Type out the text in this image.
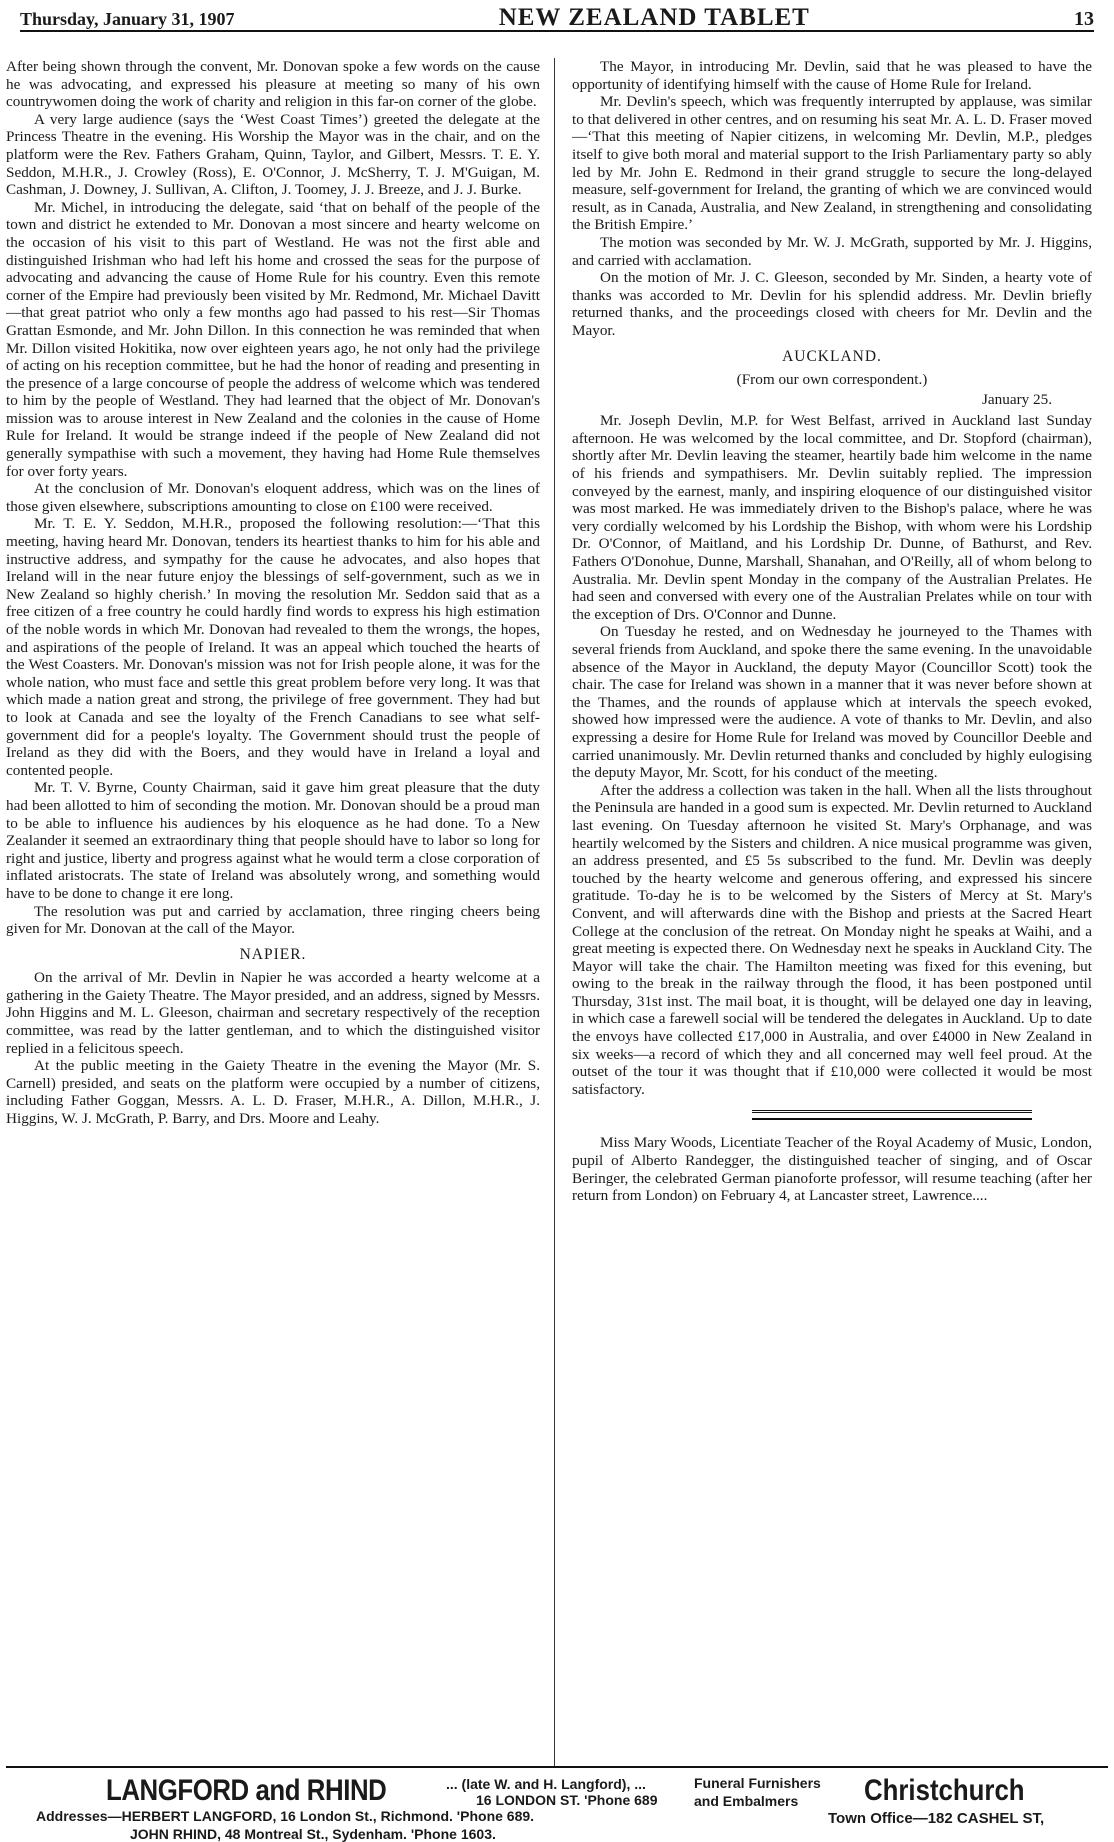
Thursday, January 31, 1907	NEW ZEALAND TABLET	13

After being shown through the convent, Mr. Donovan spoke a few words on the cause he was advocating, and expressed his pleasure at meeting so many of his own countrywomen doing the work of charity and religion in this far-on corner of the globe.

A very large audience (says the ‘West Coast Times’) greeted the delegate at the Princess Theatre in the evening. His Worship the Mayor was in the chair, and on the platform were the Rev. Fathers Graham, Quinn, Taylor, and Gilbert, Messrs. T. E. Y. Seddon, M.H.R., J. Crowley (Ross), E. O'Connor, J. McSherry, T. J. M'Guigan, M. Cashman, J. Downey, J. Sullivan, A. Clifton, J. Toomey, J. J. Breeze, and J. J. Burke.

Mr. Michel, in introducing the delegate, said ‘that on behalf of the people of the town and district he extended to Mr. Donovan a most sincere and hearty welcome on the occasion of his visit to this part of Westland. He was not the first able and distinguished Irishman who had left his home and crossed the seas for the purpose of advocating and advancing the cause of Home Rule for his country. Even this remote corner of the Empire had previously been visited by Mr. Redmond, Mr. Michael Davitt—that great patriot who only a few months ago had passed to his rest—Sir Thomas Grattan Esmonde, and Mr. John Dillon. In this connection he was reminded that when Mr. Dillon visited Hokitika, now over eighteen years ago, he not only had the privilege of acting on his reception committee, but he had the honor of reading and presenting in the presence of a large concourse of people the address of welcome which was tendered to him by the people of Westland. They had learned that the object of Mr. Donovan's mission was to arouse interest in New Zealand and the colonies in the cause of Home Rule for Ireland. It would be strange indeed if the people of New Zealand did not generally sympathise with such a movement, they having had Home Rule themselves for over forty years.

At the conclusion of Mr. Donovan's eloquent address, which was on the lines of those given elsewhere, subscriptions amounting to close on £100 were received.

Mr. T. E. Y. Seddon, M.H.R., proposed the following resolution:—‘That this meeting, having heard Mr. Donovan, tenders its heartiest thanks to him for his able and instructive address, and sympathy for the cause he advocates, and also hopes that Ireland will in the near future enjoy the blessings of self-government, such as we in New Zealand so highly cherish.’ In moving the resolution Mr. Seddon said that as a free citizen of a free country he could hardly find words to express his high estimation of the noble words in which Mr. Donovan had revealed to them the wrongs, the hopes, and aspirations of the people of Ireland. It was an appeal which touched the hearts of the West Coasters. Mr. Donovan's mission was not for Irish people alone, it was for the whole nation, who must face and settle this great problem before very long. It was that which made a nation great and strong, the privilege of free government. They had but to look at Canada and see the loyalty of the French Canadians to see what self-government did for a people's loyalty. The Government should trust the people of Ireland as they did with the Boers, and they would have in Ireland a loyal and contented people.

Mr. T. V. Byrne, County Chairman, said it gave him great pleasure that the duty had been allotted to him of seconding the motion. Mr. Donovan should be a proud man to be able to influence his audiences by his eloquence as he had done. To a New Zealander it seemed an extraordinary thing that people should have to labor so long for right and justice, liberty and progress against what he would term a close corporation of inflated aristocrats. The state of Ireland was absolutely wrong, and something would have to be done to change it ere long.

The resolution was put and carried by acclamation, three ringing cheers being given for Mr. Donovan at the call of the Mayor.

NAPIER.

On the arrival of Mr. Devlin in Napier he was accorded a hearty welcome at a gathering in the Gaiety Theatre. The Mayor presided, and an address, signed by Messrs. John Higgins and M. L. Gleeson, chairman and secretary respectively of the reception committee, was read by the latter gentleman, and to which the distinguished visitor replied in a felicitous speech.

At the public meeting in the Gaiety Theatre in the evening the Mayor (Mr. S. Carnell) presided, and seats on the platform were occupied by a number of citizens, including Father Goggan, Messrs. A. L. D. Fraser, M.H.R., A. Dillon, M.H.R., J. Higgins, W. J. McGrath, P. Barry, and Drs. Moore and Leahy.

The Mayor, in introducing Mr. Devlin, said that he was pleased to have the opportunity of identifying himself with the cause of Home Rule for Ireland.

Mr. Devlin's speech, which was frequently interrupted by applause, was similar to that delivered in other centres, and on resuming his seat Mr. A. L. D. Fraser moved—‘That this meeting of Napier citizens, in welcoming Mr. Devlin, M.P., pledges itself to give both moral and material support to the Irish Parliamentary party so ably led by Mr. John E. Redmond in their grand struggle to secure the long-delayed measure, self-government for Ireland, the granting of which we are convinced would result, as in Canada, Australia, and New Zealand, in strengthening and consolidating the British Empire.’

The motion was seconded by Mr. W. J. McGrath, supported by Mr. J. Higgins, and carried with acclamation.

On the motion of Mr. J. C. Gleeson, seconded by Mr. Sinden, a hearty vote of thanks was accorded to Mr. Devlin for his splendid address. Mr. Devlin briefly returned thanks, and the proceedings closed with cheers for Mr. Devlin and the Mayor.

AUCKLAND.
(From our own correspondent.)
January 25.

Mr. Joseph Devlin, M.P. for West Belfast, arrived in Auckland last Sunday afternoon. He was welcomed by the local committee, and Dr. Stopford (chairman), shortly after Mr. Devlin leaving the steamer, heartily bade him welcome in the name of his friends and sympathisers. Mr. Devlin suitably replied. The impression conveyed by the earnest, manly, and inspiring eloquence of our distinguished visitor was most marked. He was immediately driven to the Bishop's palace, where he was very cordially welcomed by his Lordship the Bishop, with whom were his Lordship Dr. O'Connor, of Maitland, and his Lordship Dr. Dunne, of Bathurst, and Rev. Fathers O'Donohue, Dunne, Marshall, Shanahan, and O'Reilly, all of whom belong to Australia. Mr. Devlin spent Monday in the company of the Australian Prelates. He had seen and conversed with every one of the Australian Prelates while on tour with the exception of Drs. O'Connor and Dunne.

On Tuesday he rested, and on Wednesday he journeyed to the Thames with several friends from Auckland, and spoke there the same evening. In the unavoidable absence of the Mayor in Auckland, the deputy Mayor (Councillor Scott) took the chair. The case for Ireland was shown in a manner that it was never before shown at the Thames, and the rounds of applause which at intervals the speech evoked, showed how impressed were the audience. A vote of thanks to Mr. Devlin, and also expressing a desire for Home Rule for Ireland was moved by Councillor Deeble and carried unanimously. Mr. Devlin returned thanks and concluded by highly eulogising the deputy Mayor, Mr. Scott, for his conduct of the meeting.

After the address a collection was taken in the hall. When all the lists throughout the Peninsula are handed in a good sum is expected. Mr. Devlin returned to Auckland last evening. On Tuesday afternoon he visited St. Mary's Orphanage, and was heartily welcomed by the Sisters and children. A nice musical programme was given, an address presented, and £5 5s subscribed to the fund. Mr. Devlin was deeply touched by the hearty welcome and generous offering, and expressed his sincere gratitude. To-day he is to be welcomed by the Sisters of Mercy at St. Mary's Convent, and will afterwards dine with the Bishop and priests at the Sacred Heart College at the conclusion of the retreat. On Monday night he speaks at Waihi, and a great meeting is expected there. On Wednesday next he speaks in Auckland City. The Mayor will take the chair. The Hamilton meeting was fixed for this evening, but owing to the break in the railway through the flood, it has been postponed until Thursday, 31st inst. The mail boat, it is thought, will be delayed one day in leaving, in which case a farewell social will be tendered the delegates in Auckland. Up to date the envoys have collected £17,000 in Australia, and over £4000 in New Zealand in six weeks—a record of which they and all concerned may well feel proud. At the outset of the tour it was thought that if £10,000 were collected it would be most satisfactory.

Miss Mary Woods, Licentiate Teacher of the Royal Academy of Music, London, pupil of Alberto Randegger, the distinguished teacher of singing, and of Oscar Beringer, the celebrated German pianoforte professor, will resume teaching (after her return from London) on February 4, at Lancaster street, Lawrence....

LANGFORD and RHIND	... (late W. and H. Langford), ...
16 LONDON ST. 'Phone 689
Funeral Furnishers
and Embalmers	Christchurch
Addresses—HERBERT LANGFORD, 16 London St., Richmond. 'Phone 689.
JOHN RHIND, 48 Montreal St., Sydenham. 'Phone 1603.
Town Office—182 CASHEL ST,
